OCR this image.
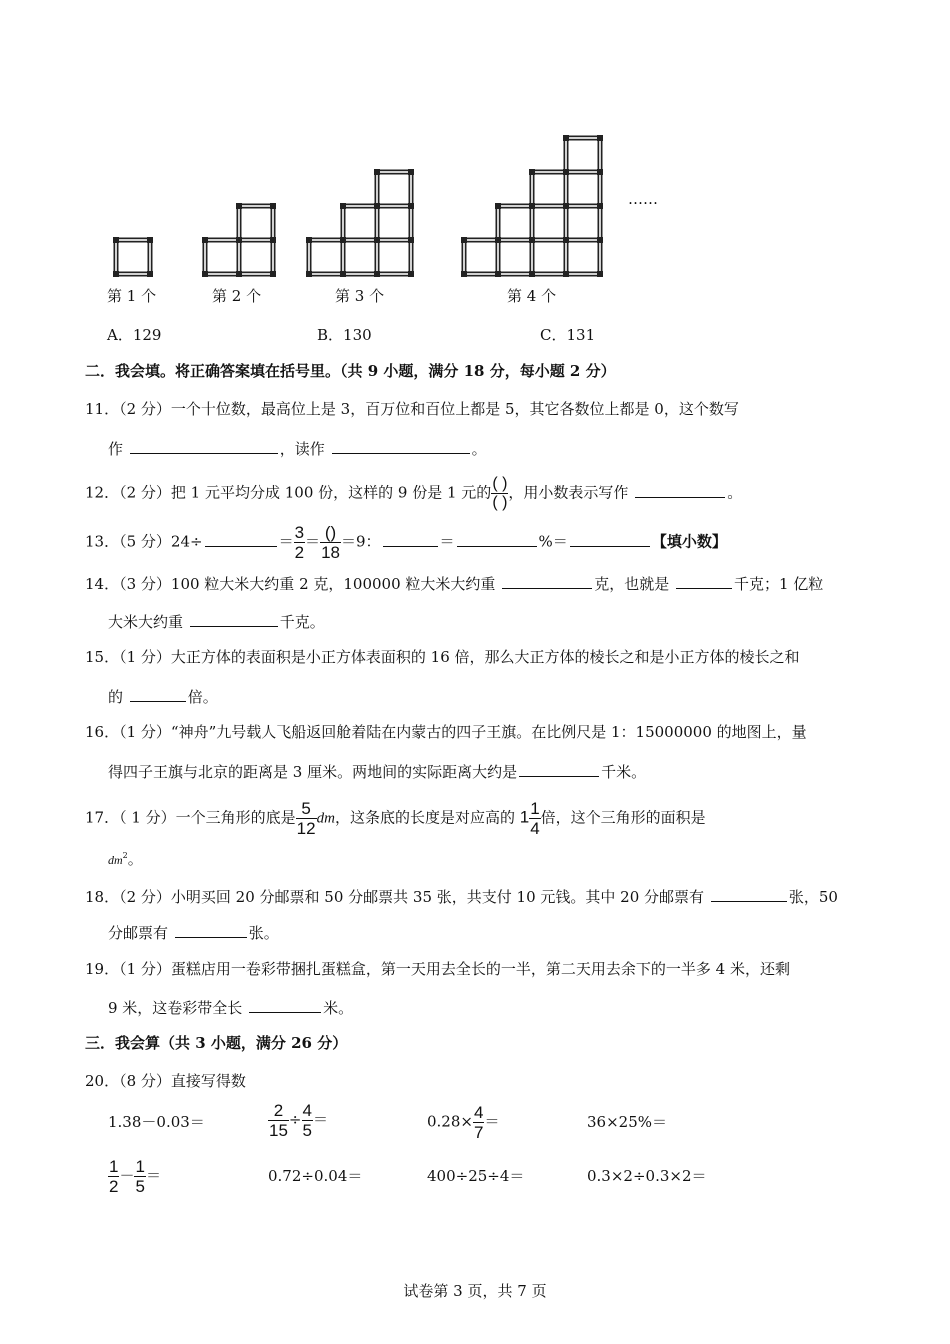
……
第 1 个	第 2 个	第 3 个	第 4 个
A．129	B．130	C．131
二．我会填。将正确答案填在括号里。（共 9 小题，满分 18 分，每小题 2 分）
11．（2 分）一个十位数，最高位上是 3，百万位和百位上都是 5，其它各数位上都是 0，这个数写
作	，读作	。
12．（2 分）把 1 元平均分成 100 份，这样的 9 份是 1 元的 $\frac{( )}{( )}$ ，用小数表示写作	。
13．（5 分）24÷	＝ $\frac{3}{2} = \frac{()}{18} =9$：	＝	%＝	【填小数】
14．（3 分）100 粒大米大约重 2 克，100000 粒大米大约重	克，也就是	千克；1 亿粒
大米大约重	千克。
15．（1 分）大正方体的表面积是小正方体表面积的 16 倍，那么大正方体的棱长之和是小正方体的棱长之和
的	倍。
16．（1 分）“神舟”九号载人飞船返回舱着陆在内蒙古的四子王旗。在比例尺是 1：15000000 的地图上，量
得四子王旗与北京的距离是 3 厘米。两地间的实际距离大约是	千米。
17．（ 1 分）一个三角形的底是 $\frac{5}{12}$ dm，这条底的长度是对应高的 $1 \frac{1}{4}$ 倍，这个三角形的面积是
$dm^2$。
18．（2 分）小明买回 20 分邮票和 50 分邮票共 35 张，共支付 10 元钱。其中 20 分邮票有	张，50
分邮票有	张。
19．（1 分）蛋糕店用一卷彩带捆扎蛋糕盒，第一天用去全长的一半，第二天用去余下的一半多 4 米，还剩
9 米，这卷彩带全长	米。
三．我会算（共 3 小题，满分 26 分）
20．（8 分）直接写得数
1.38－0.03＝	$\frac{2}{15} \div \frac{4}{5}$ ＝	$0.28\times \frac{4}{7}$ ＝	36×25%＝
$\frac{1}{2} - \frac{1}{5}$ ＝	0.72÷0.04＝	400÷25÷4＝	0.3×2÷0.3×2＝
试卷第 3 页，共 7 页
